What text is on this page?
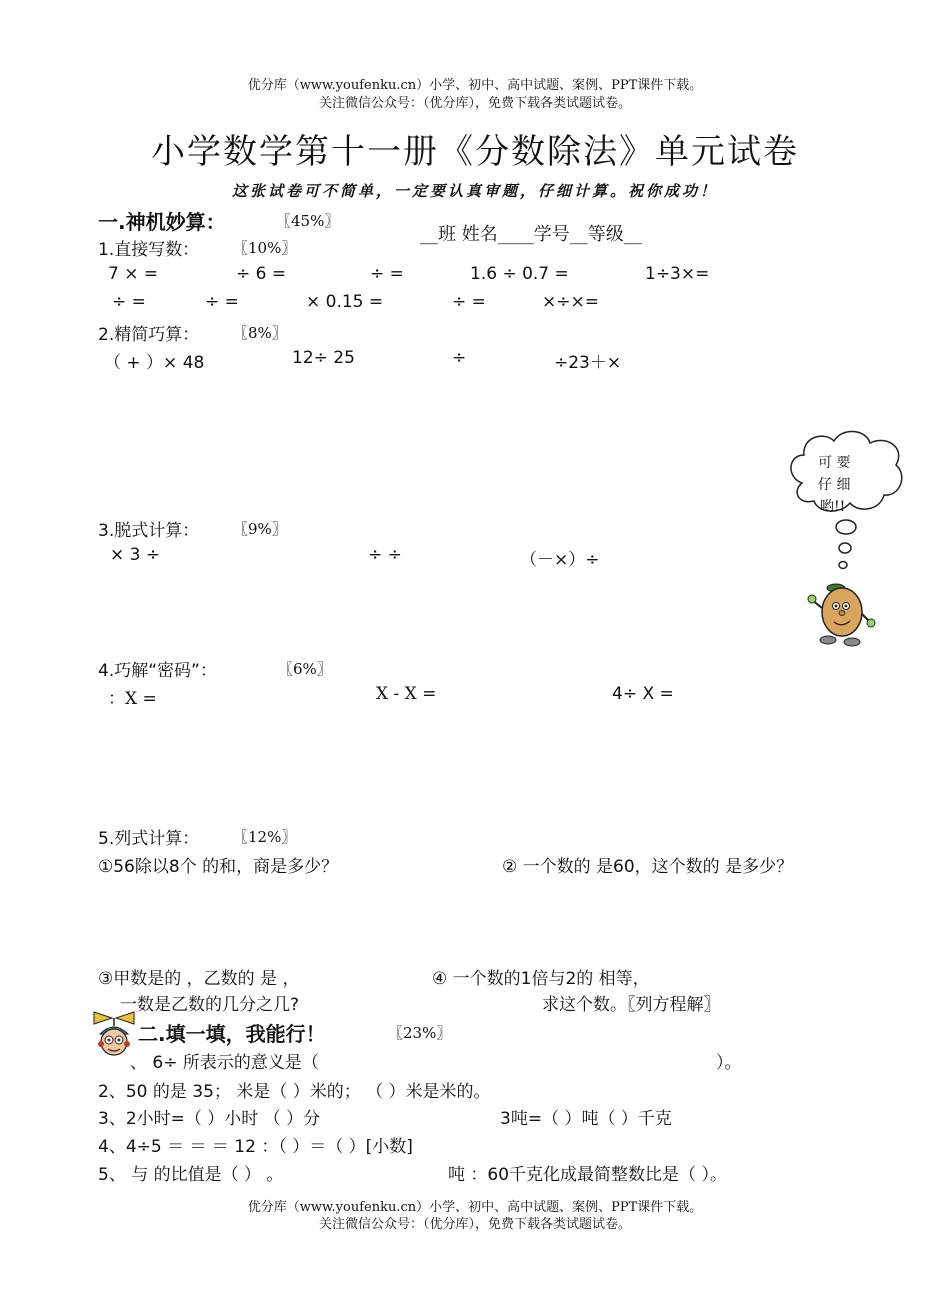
优分库（www.youfenku.cn）小学、初中、高中试题、案例、PPT课件下载。
关注微信公众号：（优分库），免费下载各类试题试卷。
小学数学第十一册《分数除法》单元试卷
这张试卷可不简单，一定要认真审题，仔细计算。祝你成功！
一.神机妙算：	〖45%〗
__班 姓名____学号__等级__
1.直接写数： 〖10%〗
7 × =	÷ 6 =	÷ =	1.6 ÷ 0.7 =	1÷3×=
÷ =	÷ =	× 0.15 =	÷ =	×÷×=
2.精简巧算： 〖8%〗
（ + ）× 48	12÷ 25	÷	÷23＋×
3.脱式计算： 〖9%〗
× 3 ÷	÷ ÷	（－×）÷
4.巧解“密码”：	〖6%〗
：X =	X - X =	4÷ X =
5.列式计算： 〖12%〗
①56除以8个 的和，商是多少？	② 一个数的 是60，这个数的 是多少？
③甲数是的 ，乙数的 是 ，
一数是乙数的几分之几?
④ 一个数的1倍与2的 相等，
求这个数。〖列方程解〗
可 要
仔 细
哟!!
二.填一填，我能行！	〖23%〗
、 6÷ 所表示的意义是（	）。
2、50 的是 35； 米是（ ）米的； （ ）米是米的。
3、2小时=（ ）小时 （ ）分	3吨=（ ）吨（ ）千克
4、4÷5 ＝ ＝ ＝ 12 ：（ ）＝（ ）[小数]
5、 与 的比值是（ ） 。	吨 ：60千克化成最简整数比是（ ）。
优分库（www.youfenku.cn）小学、初中、高中试题、案例、PPT课件下载。
关注微信公众号：（优分库），免费下载各类试题试卷。
